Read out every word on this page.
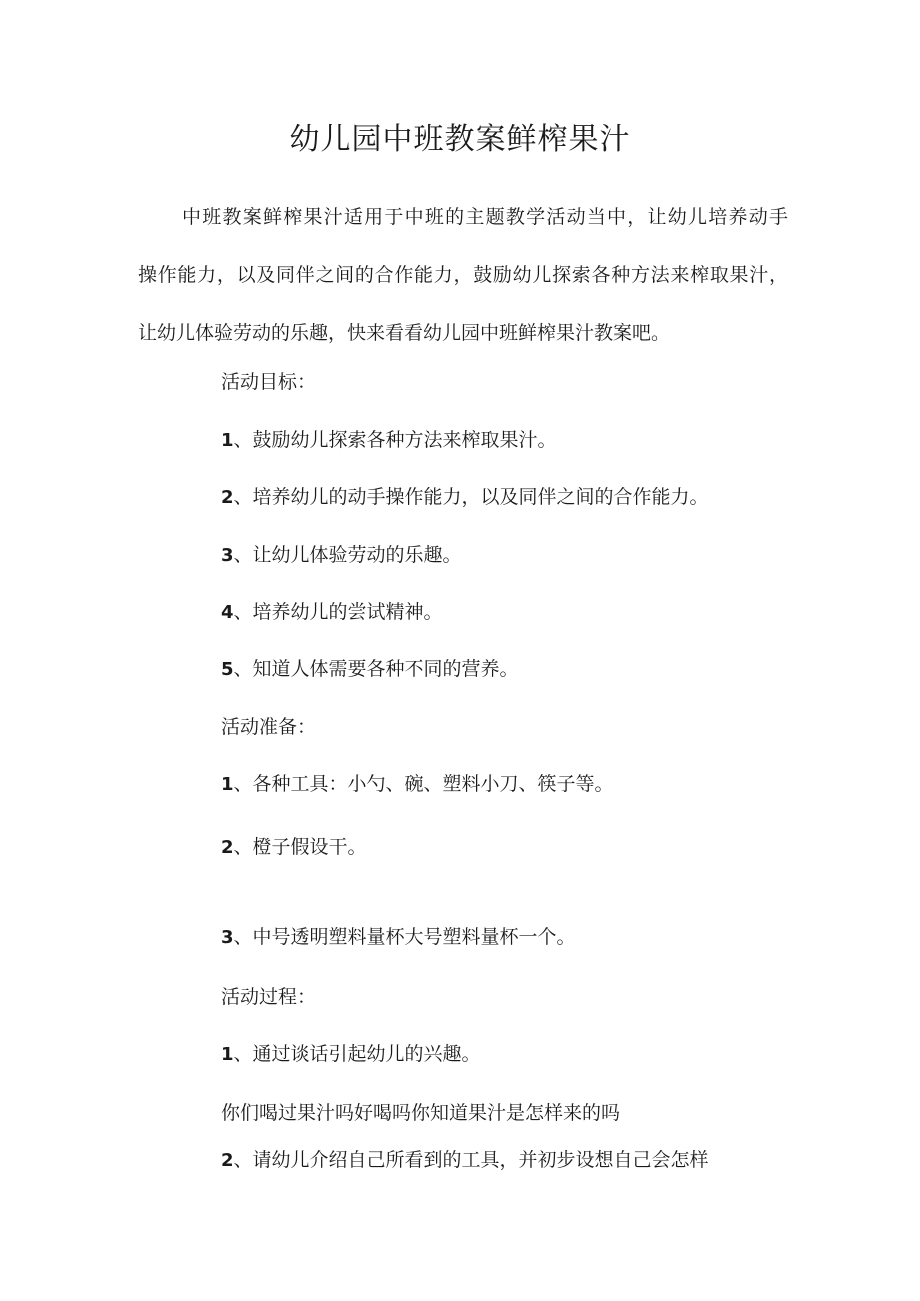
幼儿园中班教案鲜榨果汁
中班教案鲜榨果汁适用于中班的主题教学活动当中，让幼儿培养动手
操作能力，以及同伴之间的合作能力，鼓励幼儿探索各种方法来榨取果汁，
让幼儿体验劳动的乐趣，快来看看幼儿园中班鲜榨果汁教案吧。
活动目标：
1、鼓励幼儿探索各种方法来榨取果汁。
2、培养幼儿的动手操作能力，以及同伴之间的合作能力。
3、让幼儿体验劳动的乐趣。
4、培养幼儿的尝试精神。
5、知道人体需要各种不同的营养。
活动准备：
1、各种工具：小勺、碗、塑料小刀、筷子等。
2、橙子假设干。
3、中号透明塑料量杯大号塑料量杯一个。
活动过程：
1、通过谈话引起幼儿的兴趣。
你们喝过果汁吗好喝吗你知道果汁是怎样来的吗
2、请幼儿介绍自己所看到的工具，并初步设想自己会怎样
